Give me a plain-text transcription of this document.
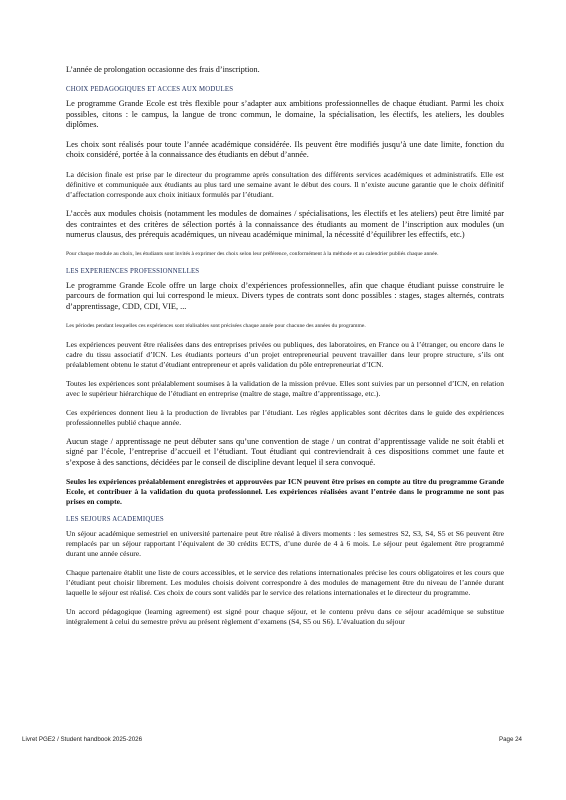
L’année de prolongation occasionne des frais d’inscription.

CHOIX PEDAGOGIQUES ET ACCES AUX MODULES

Le programme Grande Ecole est très flexible pour s’adapter aux ambitions professionnelles de chaque étudiant. Parmi les choix possibles, citons : le campus, la langue de tronc commun, le domaine, la spécialisation, les électifs, les ateliers, les doubles diplômes.

Les choix sont réalisés pour toute l’année académique considérée. Ils peuvent être modifiés jusqu’à une date limite, fonction du choix considéré, portée à la connaissance des étudiants en début d’année.

La décision finale est prise par le directeur du programme après consultation des différents services académiques et administratifs. Elle est définitive et communiquée aux étudiants au plus tard une semaine avant le début des cours. Il n’existe aucune garantie que le choix définitif d’affectation corresponde aux choix initiaux formulés par l’étudiant.

L’accès aux modules choisis (notamment les modules de domaines / spécialisations, les électifs et les ateliers) peut être limité par des contraintes et des critères de sélection portés à la connaissance des étudiants au moment de l’inscription aux modules (un numerus clausus, des prérequis académiques, un niveau académique minimal, la nécessité d’équilibrer les effectifs, etc.)

Pour chaque module au choix, les étudiants sont invités à exprimer des choix selon leur préférence, conformément à la méthode et au calendrier publiés chaque année.

LES EXPERIENCES PROFESSIONNELLES

Le programme Grande Ecole offre un large choix d’expériences professionnelles, afin que chaque étudiant puisse construire le parcours de formation qui lui correspond le mieux. Divers types de contrats sont donc possibles : stages, stages alternés, contrats d’apprentissage, CDD, CDI, VIE, ...

Les périodes pendant lesquelles ces expériences sont réalisables sont précisées chaque année pour chacune des années du programme.

Les expériences peuvent être réalisées dans des entreprises privées ou publiques, des laboratoires, en France ou à l’étranger, ou encore dans le cadre du tissu associatif d’ICN. Les étudiants porteurs d’un projet entrepreneurial peuvent travailler dans leur propre structure, s’ils ont préalablement obtenu le statut d’étudiant entrepreneur et après validation du pôle entrepreneuriat d’ICN.

Toutes les expériences sont préalablement soumises à la validation de la mission prévue. Elles sont suivies par un personnel d’ICN, en relation avec le supérieur hiérarchique de l’étudiant en entreprise (maître de stage, maître d’apprentissage, etc.).

Ces expériences donnent lieu à la production de livrables par l’étudiant. Les règles applicables sont décrites dans le guide des expériences professionnelles publié chaque année.

Aucun stage / apprentissage ne peut débuter sans qu’une convention de stage / un contrat d’apprentissage valide ne soit établi et signé par l’école, l’entreprise d’accueil et l’étudiant. Tout étudiant qui contreviendrait à ces dispositions commet une faute et s’expose à des sanctions, décidées par le conseil de discipline devant lequel il sera convoqué.

Seules les expériences préalablement enregistrées et approuvées par ICN peuvent être prises en compte au titre du programme Grande Ecole, et contribuer à la validation du quota professionnel. Les expériences réalisées avant l’entrée dans le programme ne sont pas prises en compte.

LES SEJOURS ACADEMIQUES

Un séjour académique semestriel en université partenaire peut être réalisé à divers moments : les semestres S2, S3, S4, S5 et S6 peuvent être remplacés par un séjour rapportant l’équivalent de 30 crédits ECTS, d’une durée de 4 à 6 mois. Le séjour peut également être programmé durant une année césure.

Chaque partenaire établit une liste de cours accessibles, et le service des relations internationales précise les cours obligatoires et les cours que l’étudiant peut choisir librement. Les modules choisis doivent correspondre à des modules de management être du niveau de l’année durant laquelle le séjour est réalisé. Ces choix de cours sont validés par le service des relations internationales et le directeur du programme.

Un accord pédagogique (learning agreement) est signé pour chaque séjour, et le contenu prévu dans ce séjour académique se substitue intégralement à celui du semestre prévu au présent règlement d’examens (S4, S5 ou S6). L’évaluation du séjour

Livret PGE2 / Student handbook 2025-2026	Page 24
